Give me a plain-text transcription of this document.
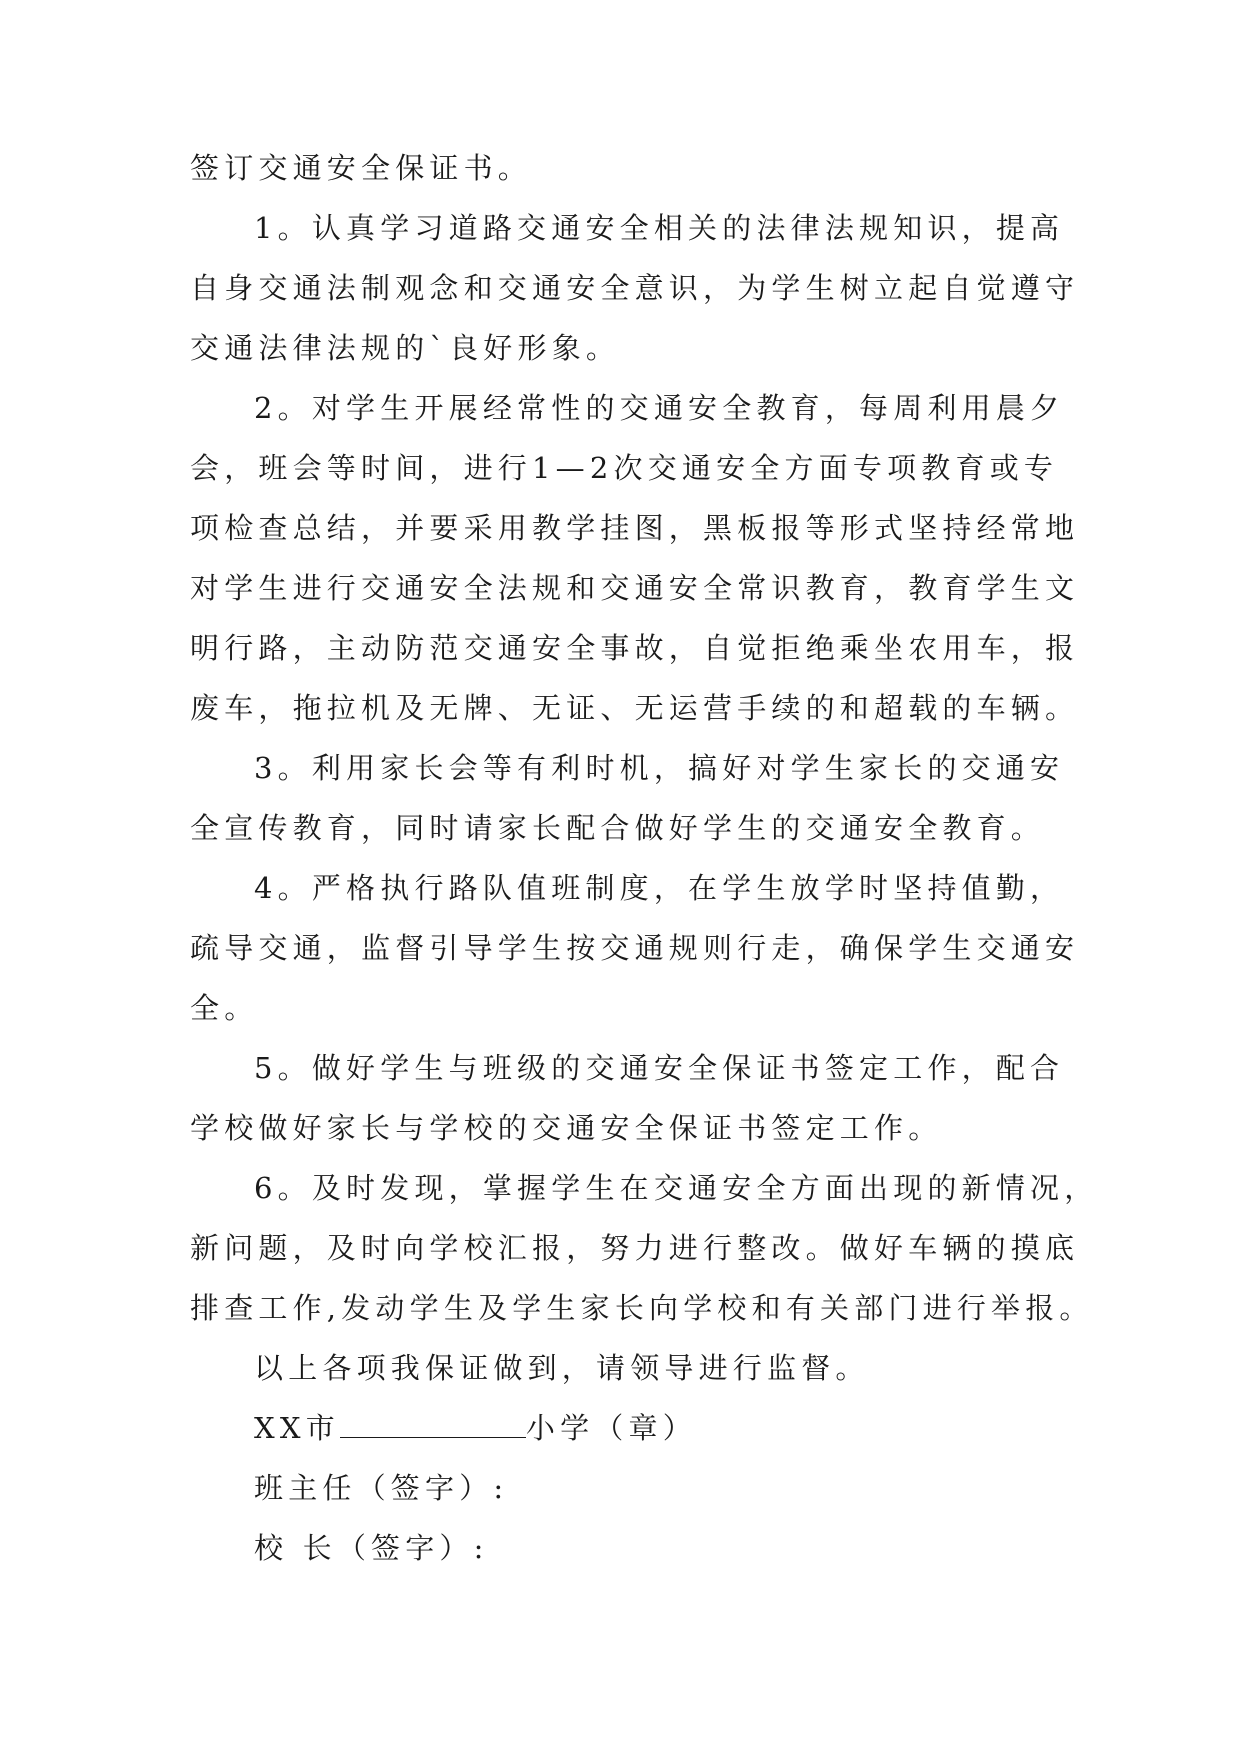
签订交通安全保证书。
1。认真学习道路交通安全相关的法律法规知识，提高
自身交通法制观念和交通安全意识，为学生树立起自觉遵守
交通法律法规的`良好形象。
2。对学生开展经常性的交通安全教育，每周利用晨夕
会，班会等时间，进行1—2次交通安全方面专项教育或专
项检查总结，并要采用教学挂图，黑板报等形式坚持经常地
对学生进行交通安全法规和交通安全常识教育，教育学生文
明行路，主动防范交通安全事故，自觉拒绝乘坐农用车，报
废车，拖拉机及无牌、无证、无运营手续的和超载的车辆。
3。利用家长会等有利时机，搞好对学生家长的交通安
全宣传教育，同时请家长配合做好学生的交通安全教育。
4。严格执行路队值班制度，在学生放学时坚持值勤，
疏导交通，监督引导学生按交通规则行走，确保学生交通安
全。
5。做好学生与班级的交通安全保证书签定工作，配合
学校做好家长与学校的交通安全保证书签定工作。
6。及时发现，掌握学生在交通安全方面出现的新情况，
新问题，及时向学校汇报，努力进行整改。做好车辆的摸底
排查工作,发动学生及学生家长向学校和有关部门进行举报。
以上各项我保证做到，请领导进行监督。
XX市	小学（章）
班主任（签字）:
校 长（签字）:
